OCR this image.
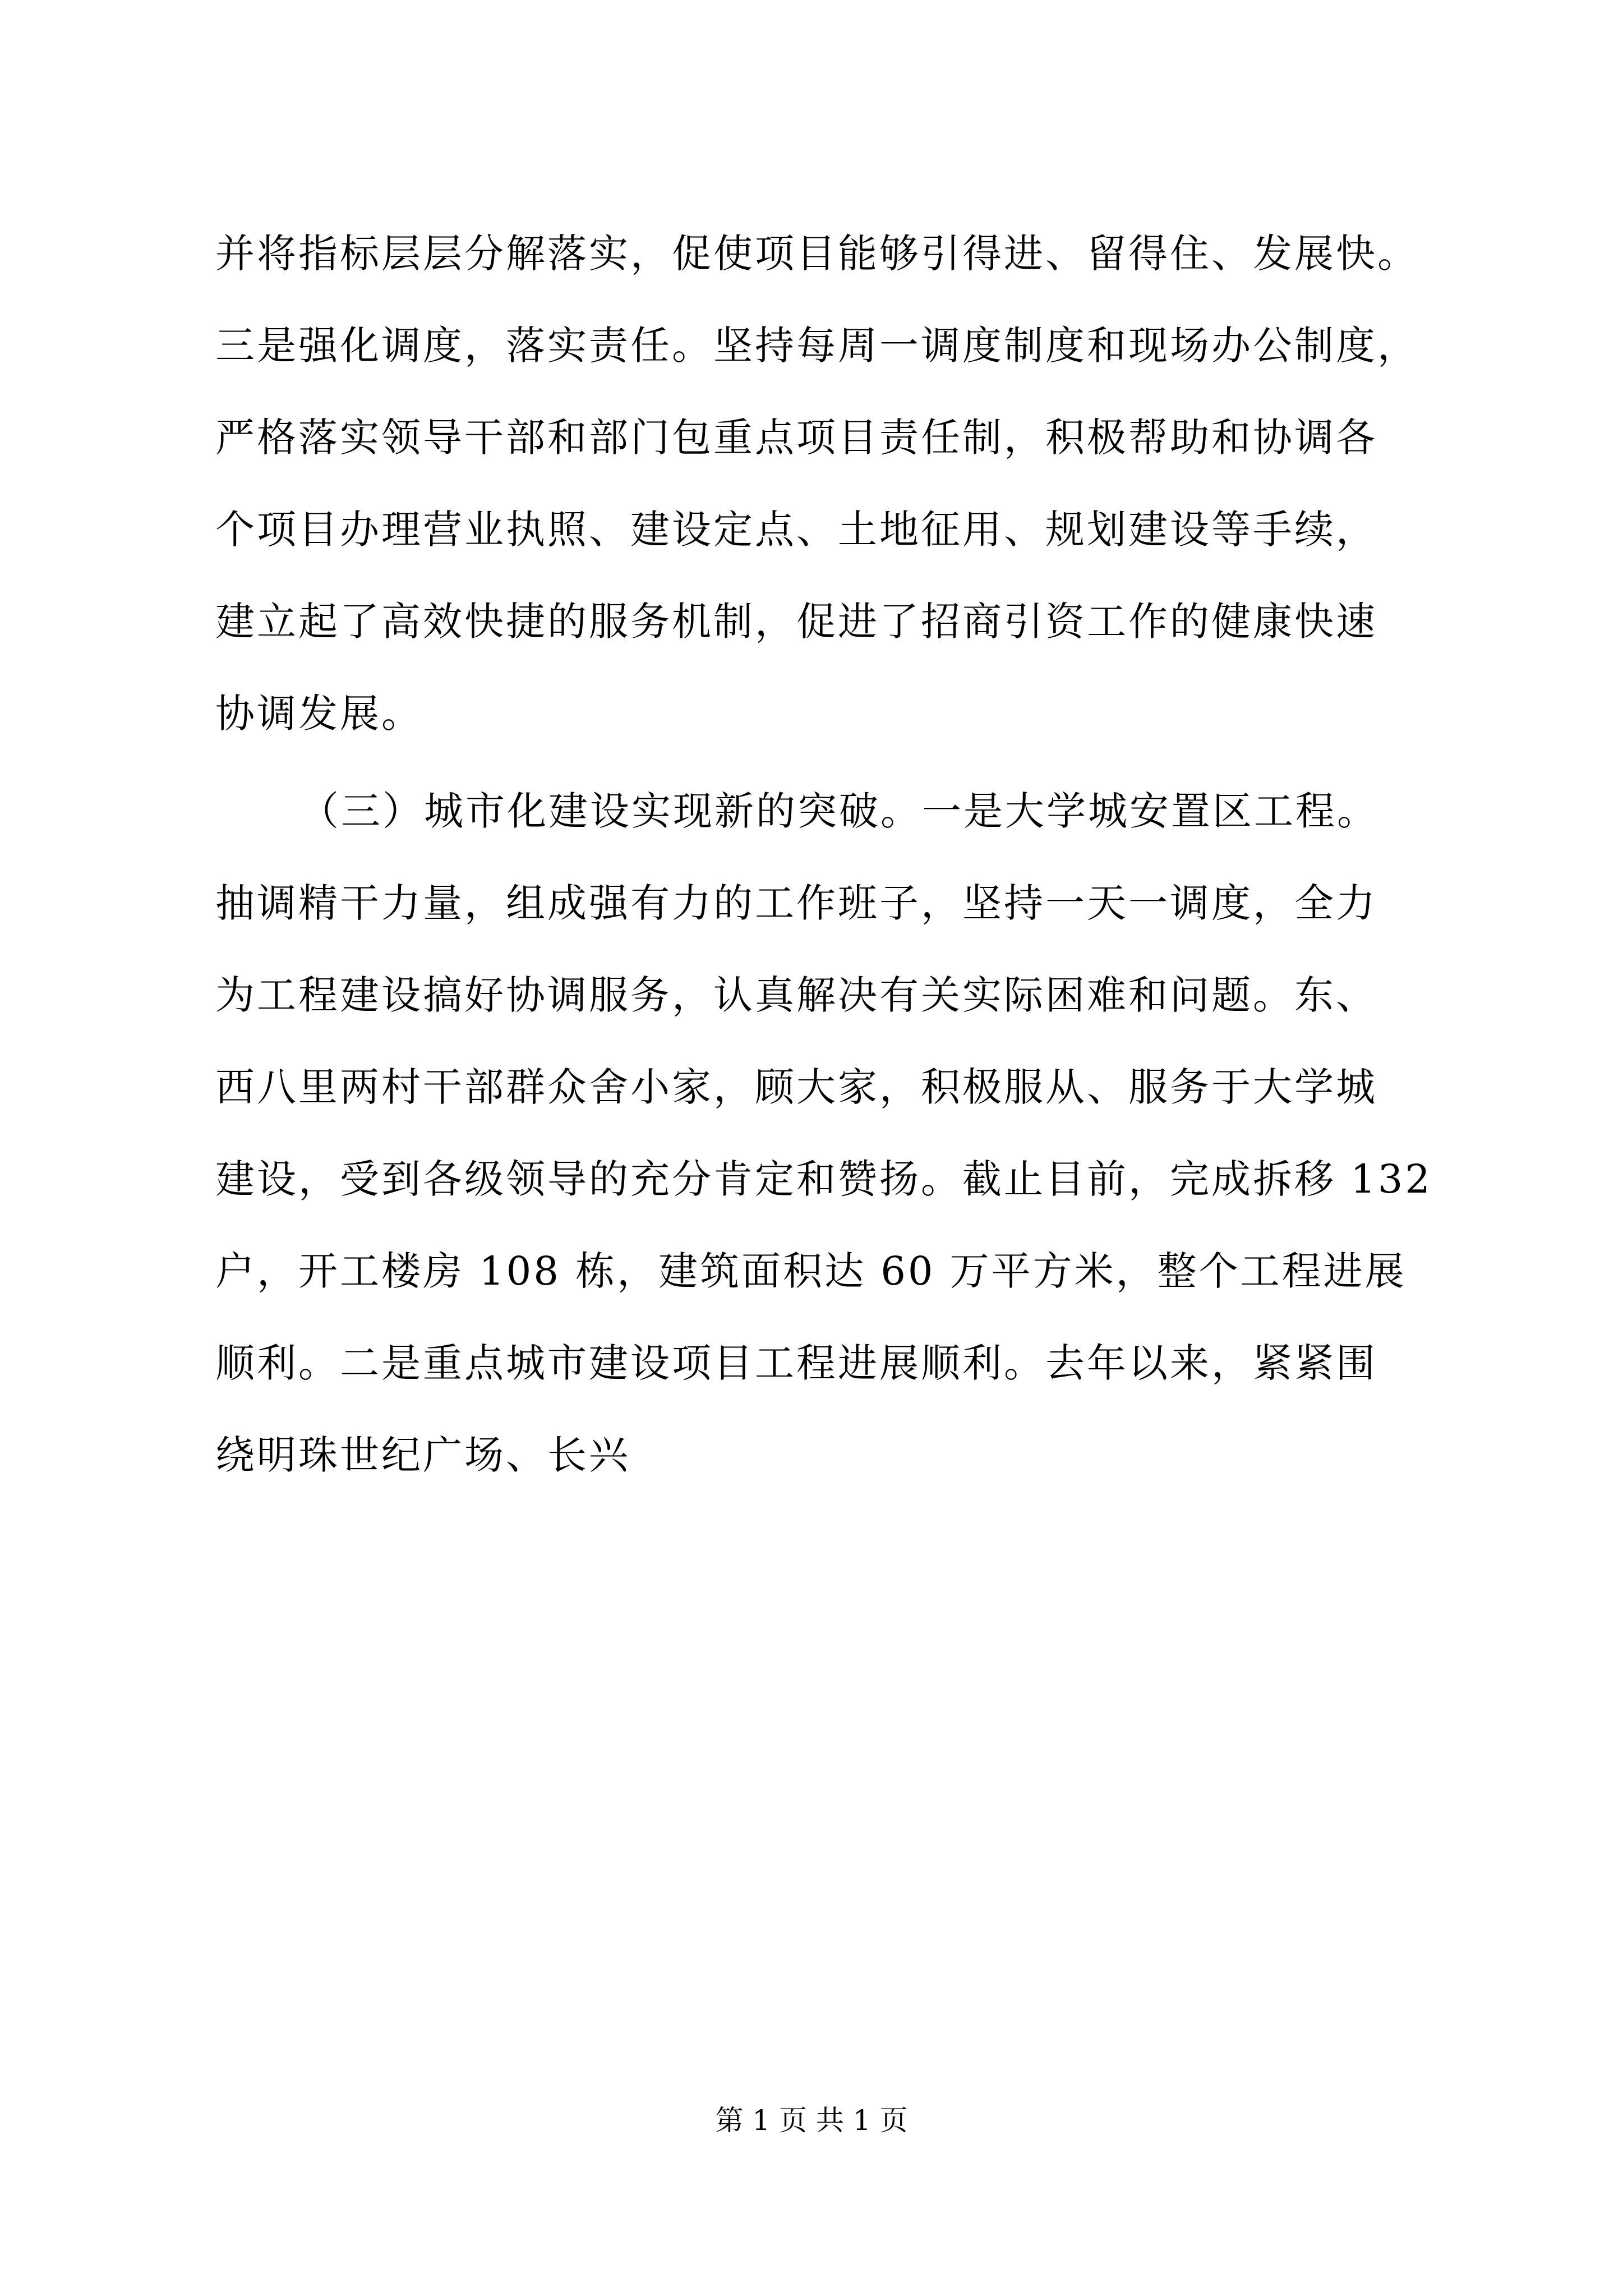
并将指标层层分解落实，促使项目能够引得进、留得住、发展快。
三是强化调度，落实责任。坚持每周一调度制度和现场办公制度，
严格落实领导干部和部门包重点项目责任制，积极帮助和协调各
个项目办理营业执照、建设定点、土地征用、规划建设等手续，
建立起了高效快捷的服务机制，促进了招商引资工作的健康快速
协调发展。
（三）城市化建设实现新的突破。一是大学城安置区工程。
抽调精干力量，组成强有力的工作班子，坚持一天一调度，全力
为工程建设搞好协调服务，认真解决有关实际困难和问题。东、
西八里两村干部群众舍小家，顾大家，积极服从、服务于大学城
建设，受到各级领导的充分肯定和赞扬。截止目前，完成拆移 132
户，开工楼房 108 栋，建筑面积达 60 万平方米，整个工程进展
顺利。二是重点城市建设项目工程进展顺利。去年以来，紧紧围
绕明珠世纪广场、长兴
第 1 页 共 1 页
